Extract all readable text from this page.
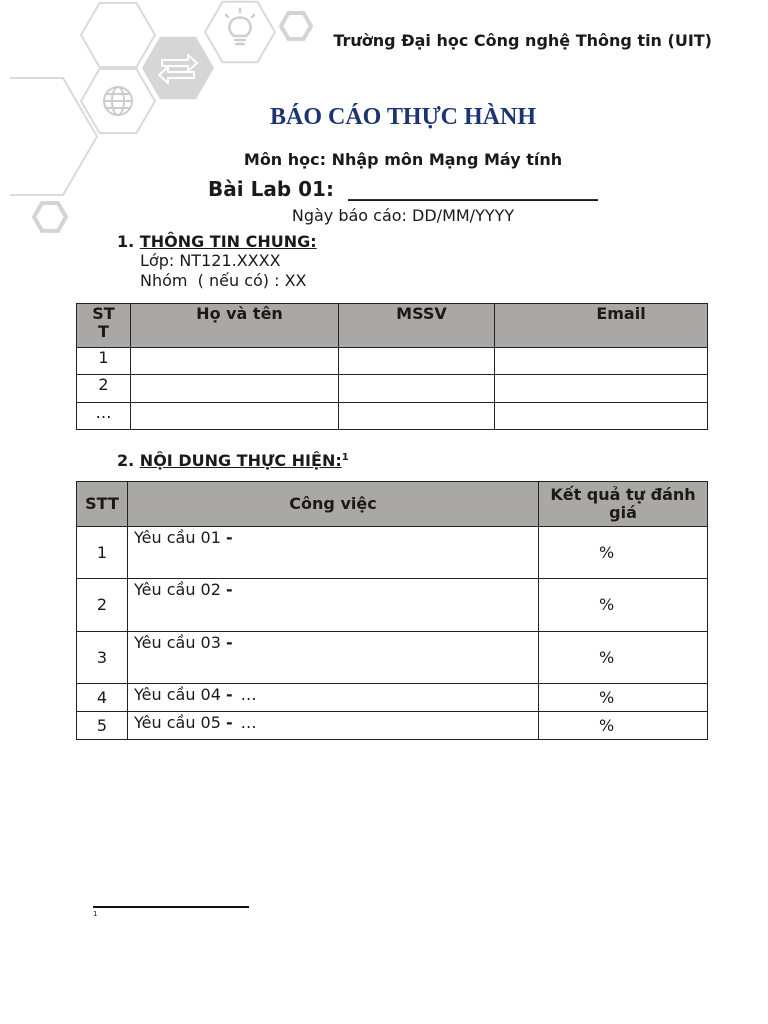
Trường Đại học Công nghệ Thông tin (UIT)
BÁO CÁO THỰC HÀNH
Môn học: Nhập môn Mạng Máy tính
Bài Lab 01: _________________________
Ngày báo cáo: DD/MM/YYYY
1. THÔNG TIN CHUNG:
Lớp: NT121.XXXX
Nhóm  ( nếu có) : XX
STT	Họ và tên	MSSV	Email
1			
2			
…			
2. NỘI DUNG THỰC HIỆN:$^1$
STT	Công việc	Kết quả tự đánh giá
1	Yêu cầu 01 -	%
2	Yêu cầu 02 -	%
3	Yêu cầu 03 -	%
4	Yêu cầu 04 - …	%
5	Yêu cầu 05 - …	%
1
